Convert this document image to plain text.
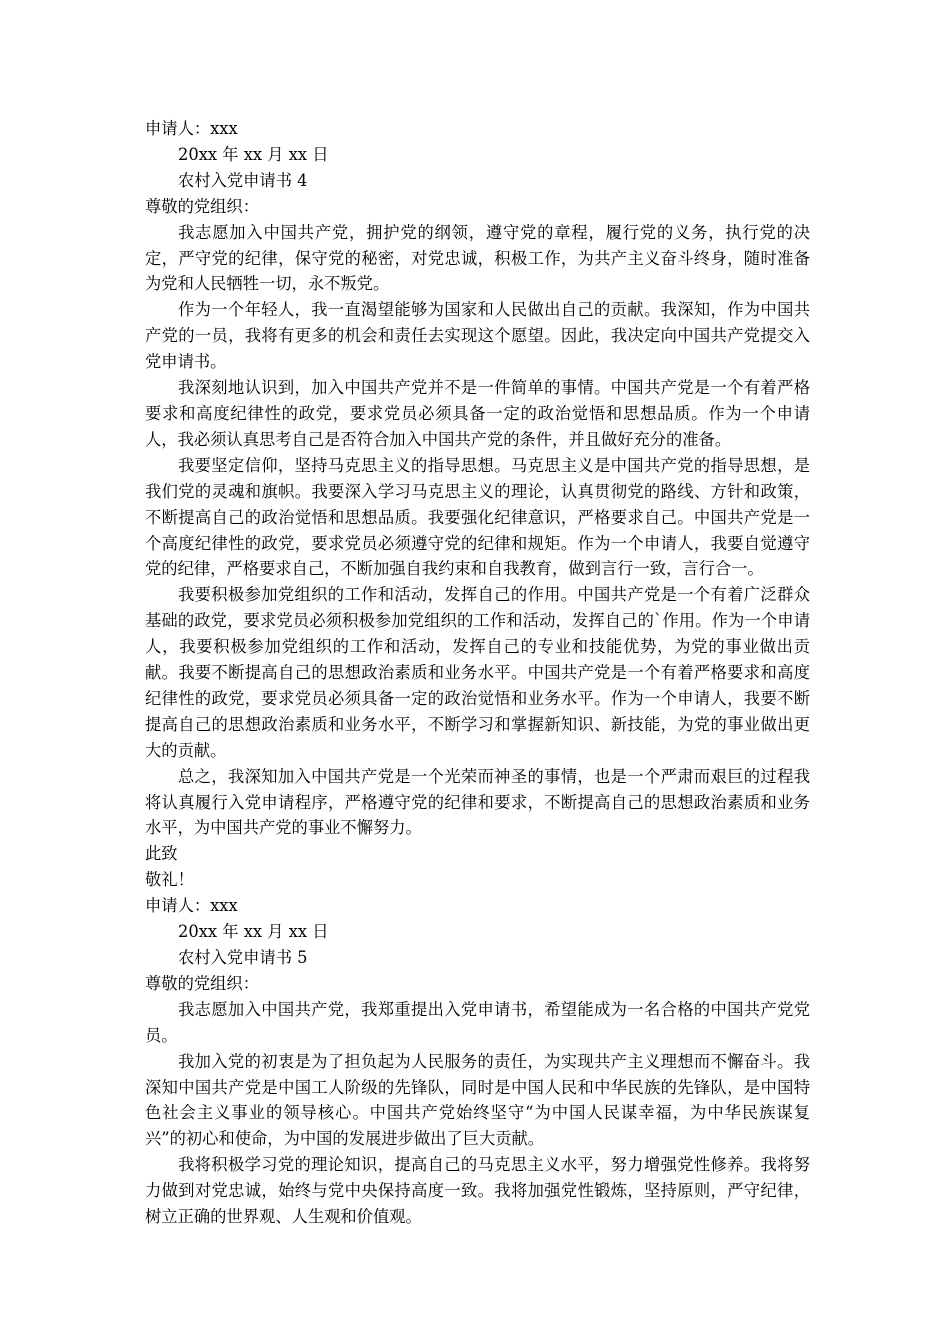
申请人：xxx
20xx 年 xx 月 xx 日
农村入党申请书 4
尊敬的党组织：

我志愿加入中国共产党，拥护党的纲领，遵守党的章程，履行党的义务，执行党的决定，严守党的纪律，保守党的秘密，对党忠诚，积极工作，为共产主义奋斗终身，随时准备为党和人民牺牲一切，永不叛党。

作为一个年轻人，我一直渴望能够为国家和人民做出自己的贡献。我深知，作为中国共产党的一员，我将有更多的机会和责任去实现这个愿望。因此，我决定向中国共产党提交入党申请书。

我深刻地认识到，加入中国共产党并不是一件简单的事情。中国共产党是一个有着严格要求和高度纪律性的政党，要求党员必须具备一定的政治觉悟和思想品质。作为一个申请人，我必须认真思考自己是否符合加入中国共产党的条件，并且做好充分的准备。

我要坚定信仰，坚持马克思主义的指导思想。马克思主义是中国共产党的指导思想，是我们党的灵魂和旗帜。我要深入学习马克思主义的理论，认真贯彻党的路线、方针和政策，不断提高自己的政治觉悟和思想品质。我要强化纪律意识，严格要求自己。中国共产党是一个高度纪律性的政党，要求党员必须遵守党的纪律和规矩。作为一个申请人，我要自觉遵守党的纪律，严格要求自己，不断加强自我约束和自我教育，做到言行一致，言行合一。

我要积极参加党组织的工作和活动，发挥自己的作用。中国共产党是一个有着广泛群众基础的政党，要求党员必须积极参加党组织的工作和活动，发挥自己的`作用。作为一个申请人，我要积极参加党组织的工作和活动，发挥自己的专业和技能优势，为党的事业做出贡献。我要不断提高自己的思想政治素质和业务水平。中国共产党是一个有着严格要求和高度纪律性的政党，要求党员必须具备一定的政治觉悟和业务水平。作为一个申请人，我要不断提高自己的思想政治素质和业务水平，不断学习和掌握新知识、新技能，为党的事业做出更大的贡献。

总之，我深知加入中国共产党是一个光荣而神圣的事情，也是一个严肃而艰巨的过程我将认真履行入党申请程序，严格遵守党的纪律和要求，不断提高自己的思想政治素质和业务水平，为中国共产党的事业不懈努力。

此致
敬礼！
申请人：xxx
20xx 年 xx 月 xx 日
农村入党申请书 5
尊敬的党组织：

我志愿加入中国共产党，我郑重提出入党申请书，希望能成为一名合格的中国共产党党员。

我加入党的初衷是为了担负起为人民服务的责任，为实现共产主义理想而不懈奋斗。我深知中国共产党是中国工人阶级的先锋队，同时是中国人民和中华民族的先锋队，是中国特色社会主义事业的领导核心。中国共产党始终坚守“为中国人民谋幸福，为中华民族谋复兴”的初心和使命，为中国的发展进步做出了巨大贡献。

我将积极学习党的理论知识，提高自己的马克思主义水平，努力增强党性修养。我将努力做到对党忠诚，始终与党中央保持高度一致。我将加强党性锻炼，坚持原则，严守纪律，树立正确的世界观、人生观和价值观。
